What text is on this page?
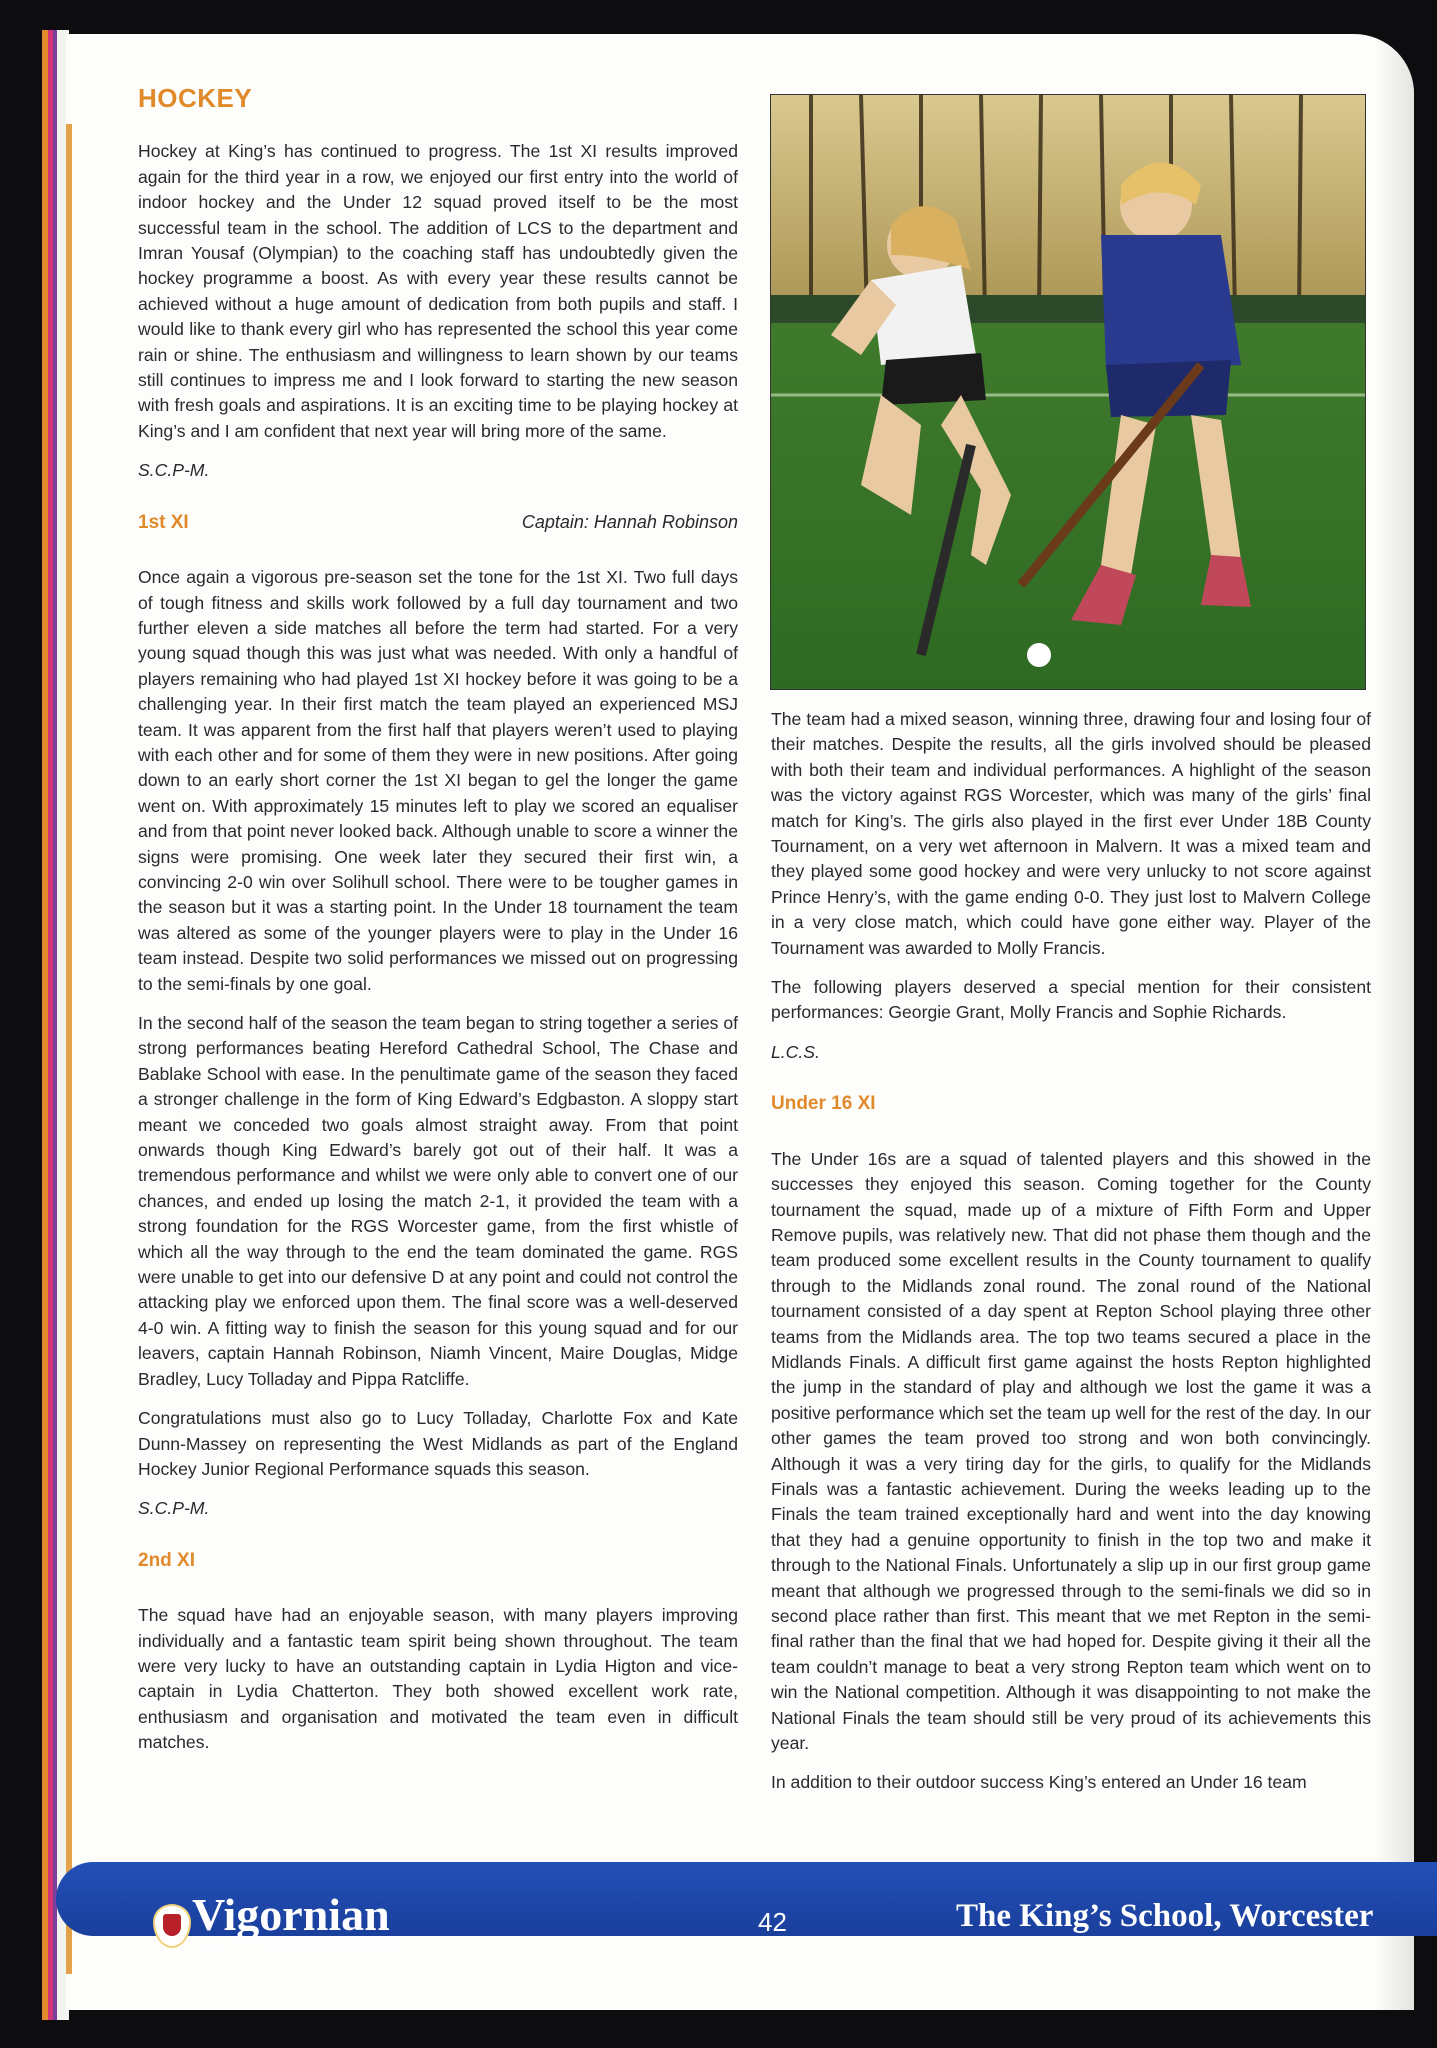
HOCKEY

Hockey at King’s has continued to progress. The 1st XI results improved again for the third year in a row, we enjoyed our first entry into the world of indoor hockey and the Under 12 squad proved itself to be the most successful team in the school. The addition of LCS to the department and Imran Yousaf (Olympian) to the coaching staff has undoubtedly given the hockey programme a boost. As with every year these results cannot be achieved without a huge amount of dedication from both pupils and staff. I would like to thank every girl who has represented the school this year come rain or shine. The enthusiasm and willingness to learn shown by our teams still continues to impress me and I look forward to starting the new season with fresh goals and aspirations. It is an exciting time to be playing hockey at King’s and I am confident that next year will bring more of the same.

S.C.P-M.
1st XI	Captain: Hannah Robinson

Once again a vigorous pre-season set the tone for the 1st XI. Two full days of tough fitness and skills work followed by a full day tournament and two further eleven a side matches all before the term had started. For a very young squad though this was just what was needed. With only a handful of players remaining who had played 1st XI hockey before it was going to be a challenging year. In their first match the team played an experienced MSJ team. It was apparent from the first half that players weren’t used to playing with each other and for some of them they were in new positions. After going down to an early short corner the 1st XI began to gel the longer the game went on. With approximately 15 minutes left to play we scored an equaliser and from that point never looked back. Although unable to score a winner the signs were promising. One week later they secured their first win, a convincing 2-0 win over Solihull school. There were to be tougher games in the season but it was a starting point. In the Under 18 tournament the team was altered as some of the younger players were to play in the Under 16 team instead. Despite two solid performances we missed out on progressing to the semi-finals by one goal.

In the second half of the season the team began to string together a series of strong performances beating Hereford Cathedral School, The Chase and Bablake School with ease. In the penultimate game of the season they faced a stronger challenge in the form of King Edward’s Edgbaston. A sloppy start meant we conceded two goals almost straight away. From that point onwards though King Edward’s barely got out of their half. It was a tremendous performance and whilst we were only able to convert one of our chances, and ended up losing the match 2-1, it provided the team with a strong foundation for the RGS Worcester game, from the first whistle of which all the way through to the end the team dominated the game. RGS were unable to get into our defensive D at any point and could not control the attacking play we enforced upon them. The final score was a well-deserved 4-0 win. A fitting way to finish the season for this young squad and for our leavers, captain Hannah Robinson, Niamh Vincent, Maire Douglas, Midge Bradley, Lucy Tolladay and Pippa Ratcliffe.

Congratulations must also go to Lucy Tolladay, Charlotte Fox and Kate Dunn-Massey on representing the West Midlands as part of the England Hockey Junior Regional Performance squads this season.

S.C.P-M.
2nd XI

The squad have had an enjoyable season, with many players improving individually and a fantastic team spirit being shown throughout. The team were very lucky to have an outstanding captain in Lydia Higton and vice-captain in Lydia Chatterton. They both showed excellent work rate, enthusiasm and organisation and motivated the team even in difficult matches.

The team had a mixed season, winning three, drawing four and losing four of their matches. Despite the results, all the girls involved should be pleased with both their team and individual performances. A highlight of the season was the victory against RGS Worcester, which was many of the girls’ final match for King’s. The girls also played in the first ever Under 18B County Tournament, on a very wet afternoon in Malvern. It was a mixed team and they played some good hockey and were very unlucky to not score against Prince Henry’s, with the game ending 0-0. They just lost to Malvern College in a very close match, which could have gone either way. Player of the Tournament was awarded to Molly Francis.

The following players deserved a special mention for their consistent performances: Georgie Grant, Molly Francis and Sophie Richards.

L.C.S.
Under 16 XI

The Under 16s are a squad of talented players and this showed in the successes they enjoyed this season. Coming together for the County tournament the squad, made up of a mixture of Fifth Form and Upper Remove pupils, was relatively new. That did not phase them though and the team produced some excellent results in the County tournament to qualify through to the Midlands zonal round. The zonal round of the National tournament consisted of a day spent at Repton School playing three other teams from the Midlands area. The top two teams secured a place in the Midlands Finals. A difficult first game against the hosts Repton highlighted the jump in the standard of play and although we lost the game it was a positive performance which set the team up well for the rest of the day. In our other games the team proved too strong and won both convincingly. Although it was a very tiring day for the girls, to qualify for the Midlands Finals was a fantastic achievement. During the weeks leading up to the Finals the team trained exceptionally hard and went into the day knowing that they had a genuine opportunity to finish in the top two and make it through to the National Finals. Unfortunately a slip up in our first group game meant that although we progressed through to the semi-finals we did so in second place rather than first. This meant that we met Repton in the semi-final rather than the final that we had hoped for. Despite giving it their all the team couldn’t manage to beat a very strong Repton team which went on to win the National competition. Although it was disappointing to not make the National Finals the team should still be very proud of its achievements this year.

In addition to their outdoor success King’s entered an Under 16 team

Vigornian
2015	THE KING'S SCHOOL, WORCESTER
42	The King’s School, Worcester
